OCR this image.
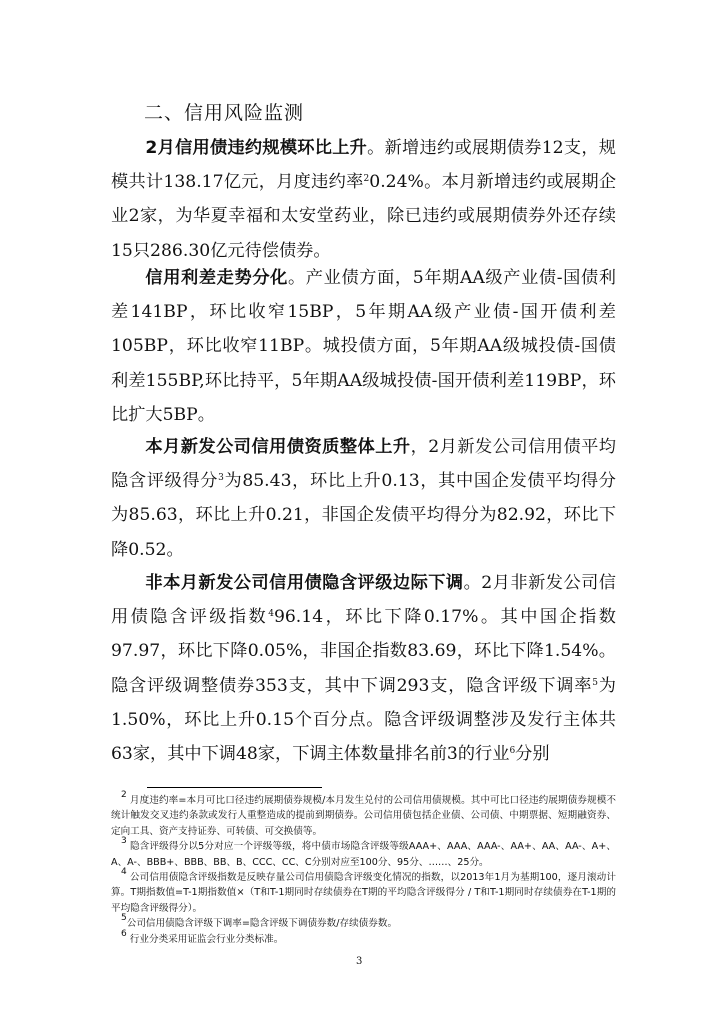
二、信用风险监测

2月信用债违约规模环比上升。新增违约或展期债券12支，规模共计138.17亿元，月度违约率$^2$0.24%。本月新增违约或展期企业2家，为华夏幸福和太安堂药业，除已违约或展期债券外还存续15只286.30亿元待偿债券。

信用利差走势分化。产业债方面，5年期AA级产业债-国债利差141BP，环比收窄15BP，5年期AA级产业债-国开债利差105BP，环比收窄11BP。城投债方面，5年期AA级城投债-国债利差155BP,环比持平，5年期AA级城投债-国开债利差119BP，环比扩大5BP。

本月新发公司信用债资质整体上升，2月新发公司信用债平均隐含评级得分$^3$为85.43，环比上升0.13，其中国企发债平均得分为85.63，环比上升0.21，非国企发债平均得分为82.92，环比下降0.52。

非本月新发公司信用债隐含评级边际下调。2月非新发公司信用债隐含评级指数$^4$96.14，环比下降0.17%。其中国企指数97.97，环比下降0.05%，非国企指数83.69，环比下降1.54%。隐含评级调整债券353支，其中下调293支，隐含评级下调率$^5$为1.50%，环比上升0.15个百分点。隐含评级调整涉及发行主体共63家，其中下调48家，下调主体数量排名前3的行业$^6$分别

$^2$ 月度违约率=本月可比口径违约展期债券规模/本月发生兑付的公司信用债规模。其中可比口径违约展期债券规模不统计触发交叉违约条款或发行人重整造成的提前到期债券。公司信用债包括企业债、公司债、中期票据、短期融资券、定向工具、资产支持证券、可转债、可交换债等。

$^3$ 隐含评级得分以5分对应一个评级等级，将中债市场隐含评级等级AAA+、AAA、AAA-、AA+、AA、AA-、A+、A、A-、BBB+、BBB、BB、B、CCC、CC、C分别对应至100分、95分、……、25分。

$^4$ 公司信用债隐含评级指数是反映存量公司信用债隐含评级变化情况的指数，以2013年1月为基期100，逐月滚动计算。T期指数值=T-1期指数值×（T和T-1期同时存续债券在T期的平均隐含评级得分 / T和T-1期同时存续债券在T-1期的平均隐含评级得分）。

$^5$公司信用债隐含评级下调率=隐含评级下调债券数/存续债券数。

$^6$ 行业分类采用证监会行业分类标准。

3
